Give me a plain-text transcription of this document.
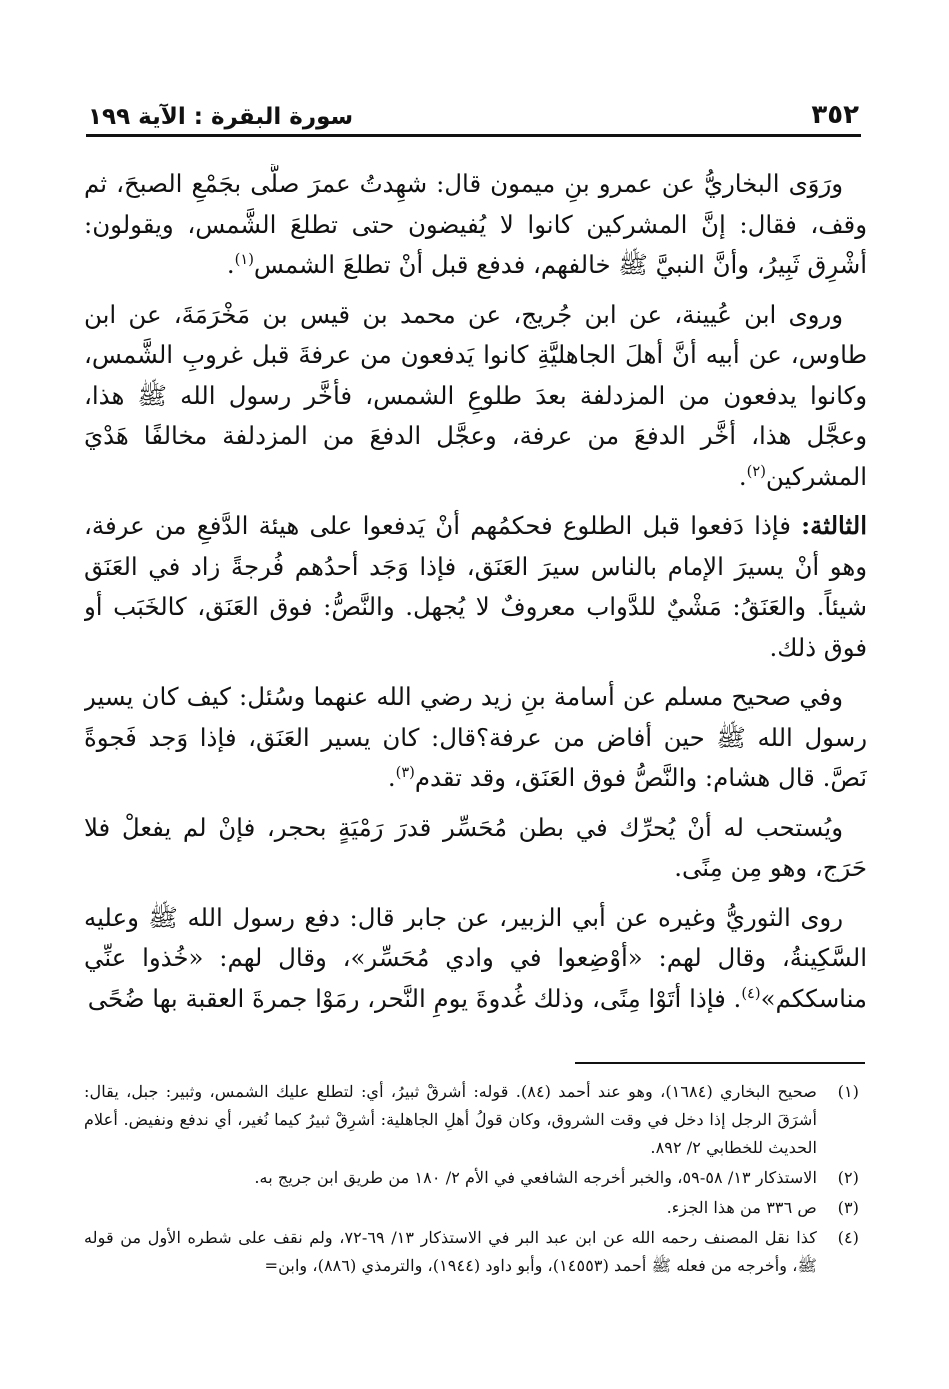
٣٥٢
سورة البقرة : الآية ١٩٩

ورَوَى البخاريُّ عن عمرو بنِ ميمون قال: شهِدتُ عمرَ صلَّى بجَمْعِ الصبحَ، ثم وقف، فقال: إنَّ المشركين كانوا لا يُفيضون حتى تطلعَ الشَّمس، ويقولون: أشْرِق ثَبِيرُ، وأنَّ النبيَّ ﷺ خالفهم، فدفع قبل أنْ تطلعَ الشمس$^{(١)}$.

وروى ابن عُيينة، عن ابن جُريج، عن محمد بن قيس بن مَخْرَمَةَ، عن ابن طاوس، عن أبيه أنَّ أهلَ الجاهليَّةِ كانوا يَدفعون من عرفةَ قبل غروبِ الشَّمس، وكانوا يدفعون من المزدلفة بعدَ طلوعِ الشمس، فأخَّر رسول الله ﷺ هذا، وعجَّل هذا، أخَّر الدفعَ من عرفة، وعجَّل الدفعَ من المزدلفة مخالفًا هَدْيَ المشركين$^{(٢)}$.

الثالثة: فإذا دَفعوا قبل الطلوع فحكمُهم أنْ يَدفعوا على هيئة الدَّفعِ من عرفة، وهو أنْ يسيرَ الإمام بالناس سيرَ العَنَق، فإذا وَجَد أحدُهم فُرجةً زاد في العَنَق شيئاً. والعَنَقُ: مَشْيٌ للدَّواب معروفٌ لا يُجهل. والنَّصُّ: فوق العَنَق، كالخَبَب أو فوق ذلك.

وفي صحيح مسلم عن أسامة بنِ زيد رضي الله عنهما وسُئل: كيف كان يسير رسول الله ﷺ حين أفاض من عرفة؟قال: كان يسير العَنَق، فإذا وَجد فَجوةً نَصَّ. قال هشام: والنَّصُّ فوق العَنَق، وقد تقدم$^{(٣)}$.

ويُستحب له أنْ يُحرِّك في بطن مُحَسِّر قدرَ رَمْيَةٍ بحجر، فإنْ لم يفعلْ فلا حَرَج، وهو مِن مِنًى.

روى الثوريُّ وغيره عن أبي الزبير، عن جابر قال: دفع رسول الله ﷺ وعليه السَّكِينةُ، وقال لهم: «أوْضِعوا في وادي مُحَسِّر»، وقال لهم: «خُذوا عنِّي مناسككم»$^{(٤)}$. فإذا أتَوْا مِنًى، وذلك غُدوةَ يومِ النَّحر، رمَوْا جمرةَ العقبة بها ضُحًى

(١)
صحيح البخاري (١٦٨٤)، وهو عند أحمد (٨٤). قوله: أشرقْ ثبيرُ، أي: لتطلع عليك الشمس، وثبير: جبل، يقال: أشرَقَ الرجل إذا دخل في وقت الشروق، وكان قولُ أهلِ الجاهلية: أشرِقْ ثبيرُ كيما نُغير، أي ندفع ونفيض. أعلام الحديث للخطابي ٢/ ٨٩٢.
(٢)
الاستذكار ١٣/ ٥٨-٥٩، والخبر أخرجه الشافعي في الأم ٢/ ١٨٠ من طريق ابن جريج به.
(٣)
ص ٣٣٦ من هذا الجزء.
(٤)
كذا نقل المصنف رحمه الله عن ابن عبد البر في الاستذكار ١٣/ ٦٩-٧٢، ولم نقف على شطره الأول من قوله ﷺ، وأخرجه من فعله ﷺ أحمد (١٤٥٥٣)، وأبو داود (١٩٤٤)، والترمذي (٨٨٦)، وابن=
